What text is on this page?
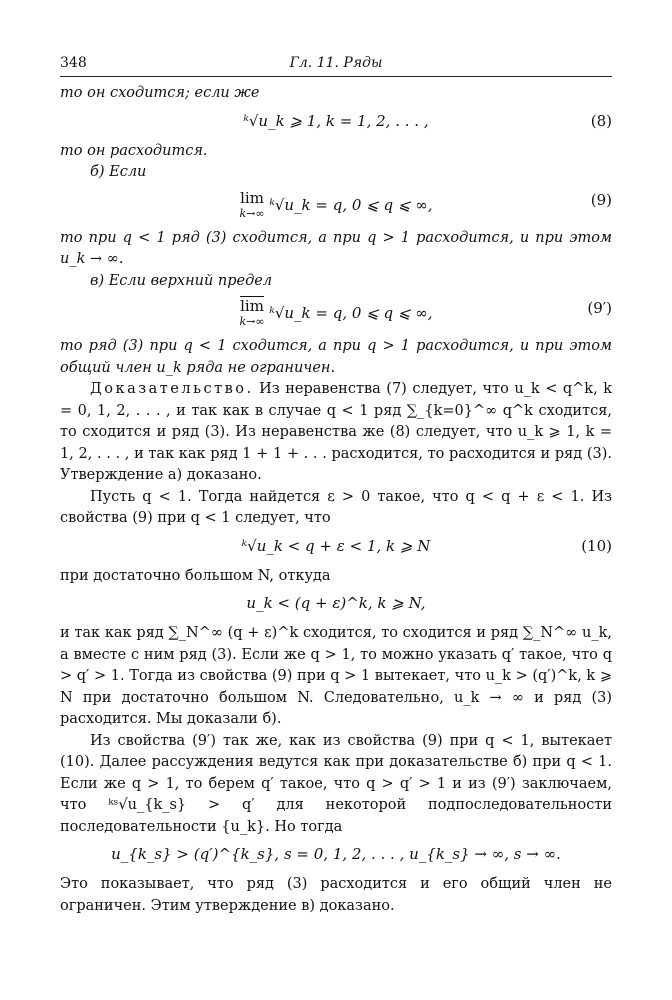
348	Гл. 11. Ряды

то он сходится; если же

ᵏ√u_k ⩾ 1, k = 1, 2, . . . ,	(8)

то он расходится.

б) Если

lim
k→∞ ᵏ√u_k = q, 0 ⩽ q ⩽ ∞,	(9)

то при q < 1 ряд (3) сходится, а при q > 1 расходится, и при этом u_k → ∞.

в) Если верхний предел

$\overline{lim}$
k→∞ ᵏ√u_k = q, 0 ⩽ q ⩽ ∞,	(9′)

то ряд (3) при q < 1 сходится, а при q > 1 расходится, и при этом общий член u_k ряда не ограничен.

Доказательство. Из неравенства (7) следует, что u_k < q^k, k = 0, 1, 2, . . . , и так как в случае q < 1 ряд ∑_{k=0}^∞ q^k сходится, то сходится и ряд (3). Из неравенства же (8) следует, что u_k ⩾ 1, k = 1, 2, . . . , и так как ряд 1 + 1 + . . . расходится, то расходится и ряд (3). Утверждение а) доказано.

Пусть q < 1. Тогда найдется ε > 0 такое, что q < q + ε < 1. Из свойства (9) при q < 1 следует, что

ᵏ√u_k < q + ε < 1, k ⩾ N	(10)

при достаточно большом N, откуда

u_k < (q + ε)^k, k ⩾ N,

и так как ряд ∑_N^∞ (q + ε)^k сходится, то сходится и ряд ∑_N^∞ u_k, а вместе с ним ряд (3). Если же q > 1, то можно указать q′ такое, что q > q′ > 1. Тогда из свойства (9) при q > 1 вытекает, что u_k > (q′)^k, k ⩾ N при достаточно большом N. Следовательно, u_k → ∞ и ряд (3) расходится. Мы доказали б).

Из свойства (9′) так же, как из свойства (9) при q < 1, вытекает (10). Далее рассуждения ведутся как при доказательстве б) при q < 1. Если же q > 1, то берем q′ такое, что q > q′ > 1 и из (9′) заключаем, что ᵏˢ√u_{k_s} > q′ для некоторой подпоследовательности последовательности {u_k}. Но тогда

u_{k_s} > (q′)^{k_s}, s = 0, 1, 2, . . . , u_{k_s} → ∞, s → ∞.

Это показывает, что ряд (3) расходится и его общий член не ограничен. Этим утверждение в) доказано.
